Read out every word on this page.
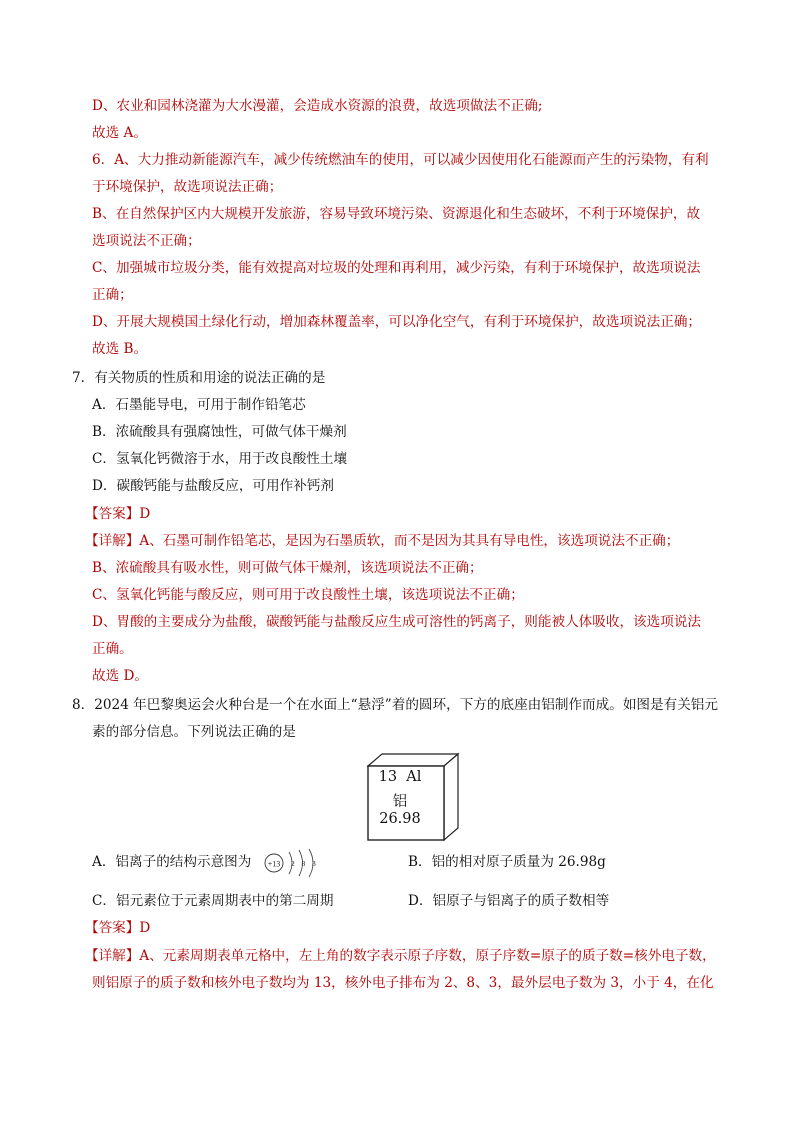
D、农业和园林浇灌为大水漫灌，会造成水资源的浪费，故选项做法不正确;
故选 A。
6．A、大力推动新能源汽车，减少传统燃油车的使用，可以减少因使用化石能源而产生的污染物，有利
于环境保护，故选项说法正确；
B、在自然保护区内大规模开发旅游，容易导致环境污染、资源退化和生态破坏，不利于环境保护，故
选项说法不正确；
C、加强城市垃圾分类，能有效提高对垃圾的处理和再利用，减少污染，有利于环境保护，故选项说法
正确；
D、开展大规模国土绿化行动，增加森林覆盖率，可以净化空气，有利于环境保护，故选项说法正确；
故选 B。
7．有关物质的性质和用途的说法正确的是
A．石墨能导电，可用于制作铅笔芯
B．浓硫酸具有强腐蚀性，可做气体干燥剂
C．氢氧化钙微溶于水，用于改良酸性土壤
D．碳酸钙能与盐酸反应，可用作补钙剂
【答案】D
【详解】A、石墨可制作铅笔芯，是因为石墨质软，而不是因为其具有导电性，该选项说法不正确；
B、浓硫酸具有吸水性，则可做气体干燥剂，该选项说法不正确；
C、氢氧化钙能与酸反应，则可用于改良酸性土壤，该选项说法不正确；
D、胃酸的主要成分为盐酸，碳酸钙能与盐酸反应生成可溶性的钙离子，则能被人体吸收，该选项说法
正确。
故选 D。
8．2024 年巴黎奥运会火种台是一个在水面上“悬浮”着的圆环，下方的底座由铝制作而成。如图是有关铝元
素的部分信息。下列说法正确的是
13 Al
铝
26.98
A．铝离子的结构示意图为 +13 2 8 3	B．铝的相对原子质量为 26.98g
C．铝元素位于元素周期表中的第二周期	D．铝原子与铝离子的质子数相等
【答案】D
【详解】A、元素周期表单元格中，左上角的数字表示原子序数，原子序数=原子的质子数=核外电子数，
则铝原子的质子数和核外电子数均为 13，核外电子排布为 2、8、3，最外层电子数为 3，小于 4，在化
